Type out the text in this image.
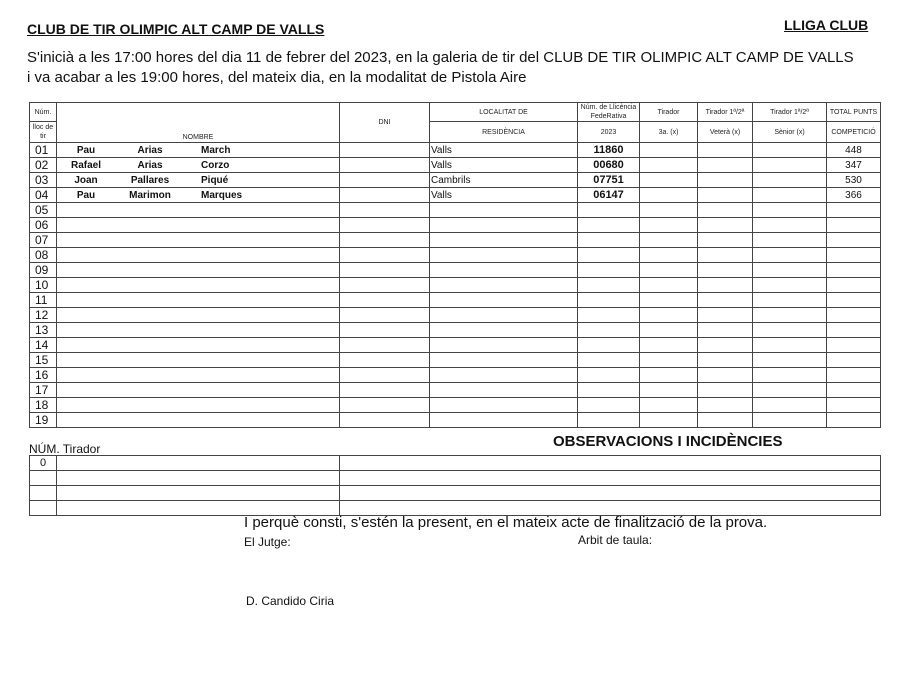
CLUB DE TIR OLIMPIC ALT CAMP DE VALLS	LLIGA CLUB
S'inicià a les 17:00 hores del dia 11 de febrer del 2023, en la galeria de tir del CLUB DE TIR OLIMPIC ALT CAMP DE VALLS
i va acabar a les 19:00 hores, del mateix dia, en la modalitat de Pistola Aire
Núm.	NOMBRE	DNI	LOCALITAT DE	Núm. de Llicència FedeRativa	Tirador	Tirador 1ª/2ª	Tirador 1ª/2ª	TOTAL PUNTS
lloc de tir			RESIDÈNCIA	2023	3a. (x)	Veterà (x)	Sènior (x)	COMPETICIÓ
01	Pau Arias March		Valls	11860				448
02	Rafael Arias Corzo		Valls	00680				347
03	Joan Pallares Piqué		Cambrils	07751				530
04	Pau Marimon Marques		Valls	06147				366
05								
06								
07								
08								
09								
10								
11								
12								
13								
14								
15								
16								
17								
18								
19								
NÚM. Tirador	OBSERVACIONS I INCIDÈNCIES
0		

I perquè consti, s'estén la present, en el mateix acte de finalització de la prova.
El Jutge:	Arbit de taula:
D. Candido Ciria
